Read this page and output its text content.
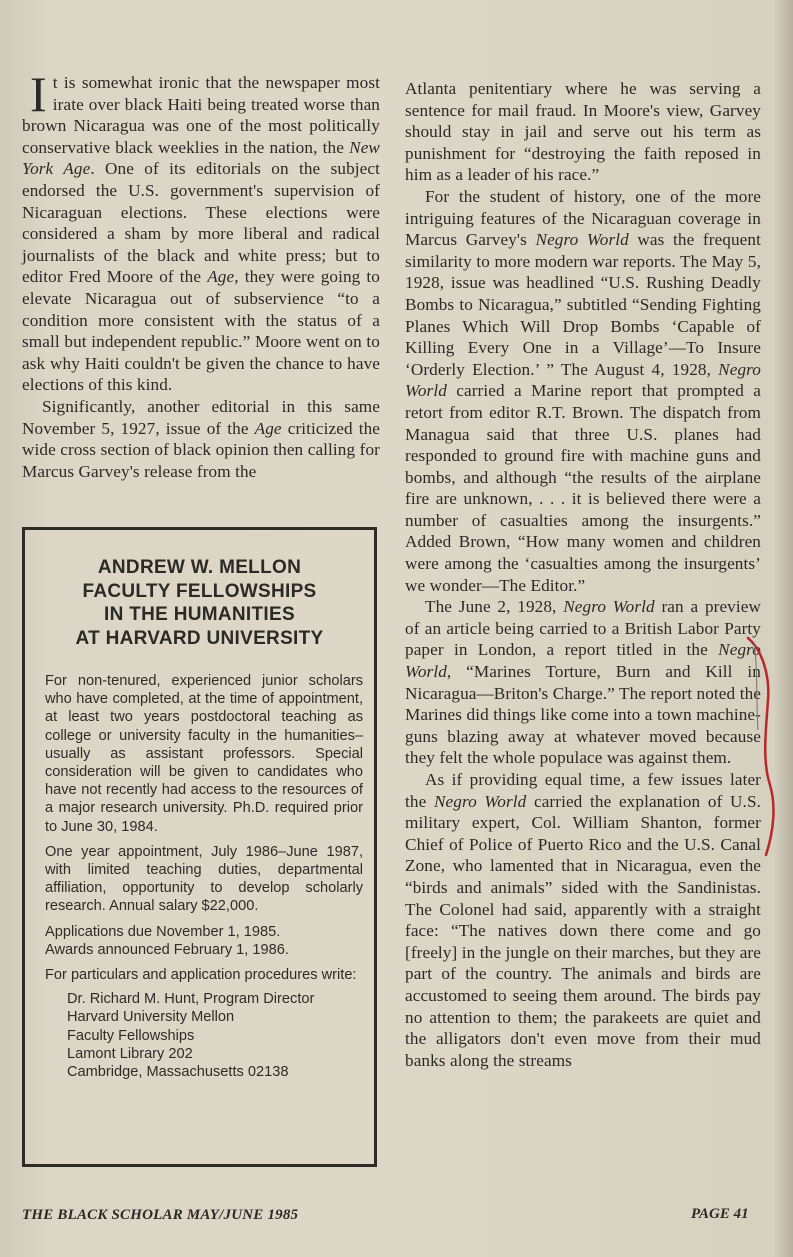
It is somewhat ironic that the newspaper most irate over black Haiti being treated worse than brown Nicaragua was one of the most politically conservative black weeklies in the nation, the New York Age. One of its editorials on the subject endorsed the U.S. government's supervision of Nicaraguan elections. These elections were considered a sham by more liberal and radical journalists of the black and white press; but to editor Fred Moore of the Age, they were going to elevate Nicaragua out of subservience “to a condition more consistent with the status of a small but independent republic.” Moore went on to ask why Haiti couldn't be given the chance to have elections of this kind.

Significantly, another editorial in this same November 5, 1927, issue of the Age criticized the wide cross section of black opinion then calling for Marcus Garvey's release from the

ANDREW W. MELLON
FACULTY FELLOWSHIPS
IN THE HUMANITIES
AT HARVARD UNIVERSITY

For non-tenured, experienced junior scholars who have completed, at the time of appointment, at least two years postdoctoral teaching as college or university faculty in the humanities–usually as assistant professors. Special consideration will be given to candidates who have not recently had access to the resources of a major research university. Ph.D. required prior to June 30, 1984.

One year appointment, July 1986–June 1987, with limited teaching duties, departmental affiliation, opportunity to develop scholarly research. Annual salary $22,000.

Applications due November 1, 1985.
Awards announced February 1, 1986.

For particulars and application procedures write:

Dr. Richard M. Hunt, Program Director
Harvard University Mellon
Faculty Fellowships
Lamont Library 202
Cambridge, Massachusetts 02138

Atlanta penitentiary where he was serving a sentence for mail fraud. In Moore's view, Garvey should stay in jail and serve out his term as punishment for “destroying the faith reposed in him as a leader of his race.”

For the student of history, one of the more intriguing features of the Nicaraguan coverage in Marcus Garvey's Negro World was the frequent similarity to more modern war reports. The May 5, 1928, issue was headlined “U.S. Rushing Deadly Bombs to Nicaragua,” subtitled “Sending Fighting Planes Which Will Drop Bombs ‘Capable of Killing Every One in a Village’—To Insure ‘Orderly Election.’ ” The August 4, 1928, Negro World carried a Marine report that prompted a retort from editor R.T. Brown. The dispatch from Managua said that three U.S. planes had responded to ground fire with machine guns and bombs, and although “the results of the airplane fire are unknown, . . . it is believed there were a number of casualties among the insurgents.” Added Brown, “How many women and children were among the ‘casualties among the insurgents’ we wonder—The Editor.”

The June 2, 1928, Negro World ran a preview of an article being carried to a British Labor Party paper in London, a report titled in the Negro World, “Marines Torture, Burn and Kill in Nicaragua—Briton's Charge.” The report noted the Marines did things like come into a town machine-guns blazing away at whatever moved because they felt the whole populace was against them.

As if providing equal time, a few issues later the Negro World carried the explanation of U.S. military expert, Col. William Shanton, former Chief of Police of Puerto Rico and the U.S. Canal Zone, who lamented that in Nicaragua, even the “birds and animals” sided with the Sandinistas. The Colonel had said, apparently with a straight face: “The natives down there come and go [freely] in the jungle on their marches, but they are part of the country. The animals and birds are accustomed to seeing them around. The birds pay no attention to them; the parakeets are quiet and the alligators don't even move from their mud banks along the streams

THE BLACK SCHOLAR MAY/JUNE 1985	PAGE 41
